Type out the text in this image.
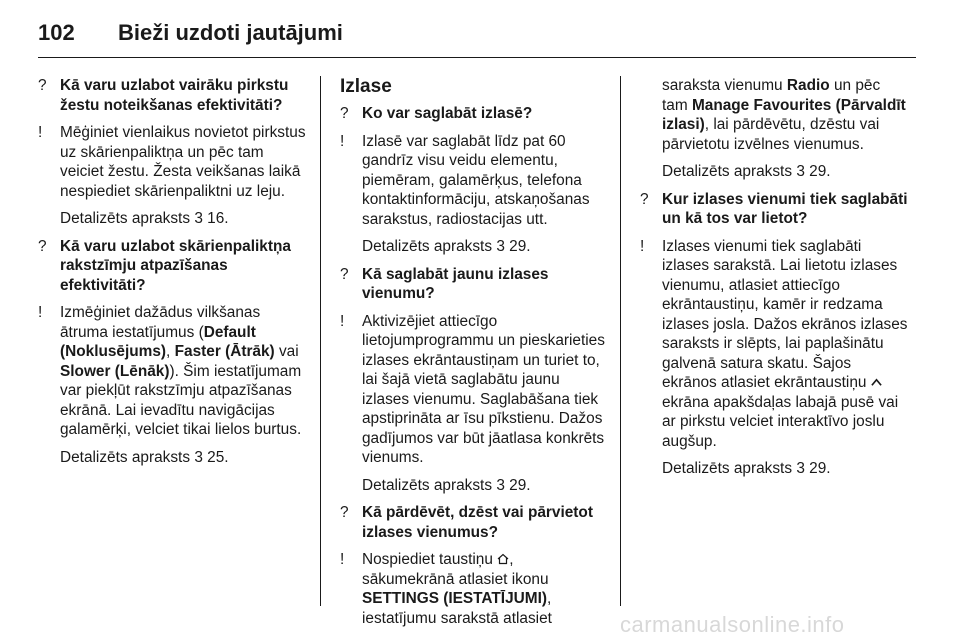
102 Bieži uzdoti jautājumi
? Kā varu uzlabot vairāku pirkstu žestu noteikšanas efektivitāti?
!	Mēģiniet vienlaikus novietot pirkstus uz skārienpaliktņa un pēc tam veiciet žestu. Žesta veikšanas laikā nespiediet skārienpaliktni uz leju.
Detalizēts apraksts 3 16.
? Kā varu uzlabot skārienpaliktņa rakstzīmju atpazīšanas efektivitāti?
!	Izmēģiniet dažādus vilkšanas ātruma iestatījumus (Default (Noklusējums), Faster (Ātrāk) vai Slower (Lēnāk)). Šim iestatījumam var piekļūt rakstzīmju atpazīšanas ekrānā. Lai ievadītu navigācijas galamērķi, velciet tikai lielos burtus.
Detalizēts apraksts 3 25.
Izlase
? Ko var saglabāt izlasē?
!	Izlasē var saglabāt līdz pat 60 gandrīz visu veidu elementu, piemēram, galamērķus, telefona kontaktinformāciju, atskaņošanas sarakstus, radiostacijas utt.
Detalizēts apraksts 3 29.
? Kā saglabāt jaunu izlases vienumu?
!	Aktivizējiet attiecīgo lietojumprogrammu un pieskarieties izlases ekrāntaustiņam un turiet to, lai šajā vietā saglabātu jaunu izlases vienumu. Saglabāšana tiek apstiprināta ar īsu pīkstienu. Dažos gadījumos var būt jāatlasa konkrēts vienums.
Detalizēts apraksts 3 29.
? Kā pārdēvēt, dzēst vai pārvietot izlases vienumus?
!	Nospiediet taustiņu , sākumekrānā atlasiet ikonu SETTINGS (IESTATĪJUMI), iestatījumu sarakstā atlasiet
saraksta vienumu Radio un pēc tam Manage Favourites (Pārvaldīt izlasi), lai pārdēvētu, dzēstu vai pārvietotu izvēlnes vienumus.
Detalizēts apraksts 3 29.
? Kur izlases vienumi tiek saglabāti un kā tos var lietot?
!	Izlases vienumi tiek saglabāti izlases sarakstā. Lai lietotu izlases vienumu, atlasiet attiecīgo ekrāntaustiņu, kamēr ir redzama izlases josla. Dažos ekrānos izlases saraksts ir slēpts, lai paplašinātu galvenā satura skatu. Šajos ekrānos atlasiet ekrāntaustiņu  ekrāna apakšdaļas labajā pusē vai ar pirkstu velciet interaktīvo joslu augšup.
Detalizēts apraksts 3 29.
carmanualsonline.info
